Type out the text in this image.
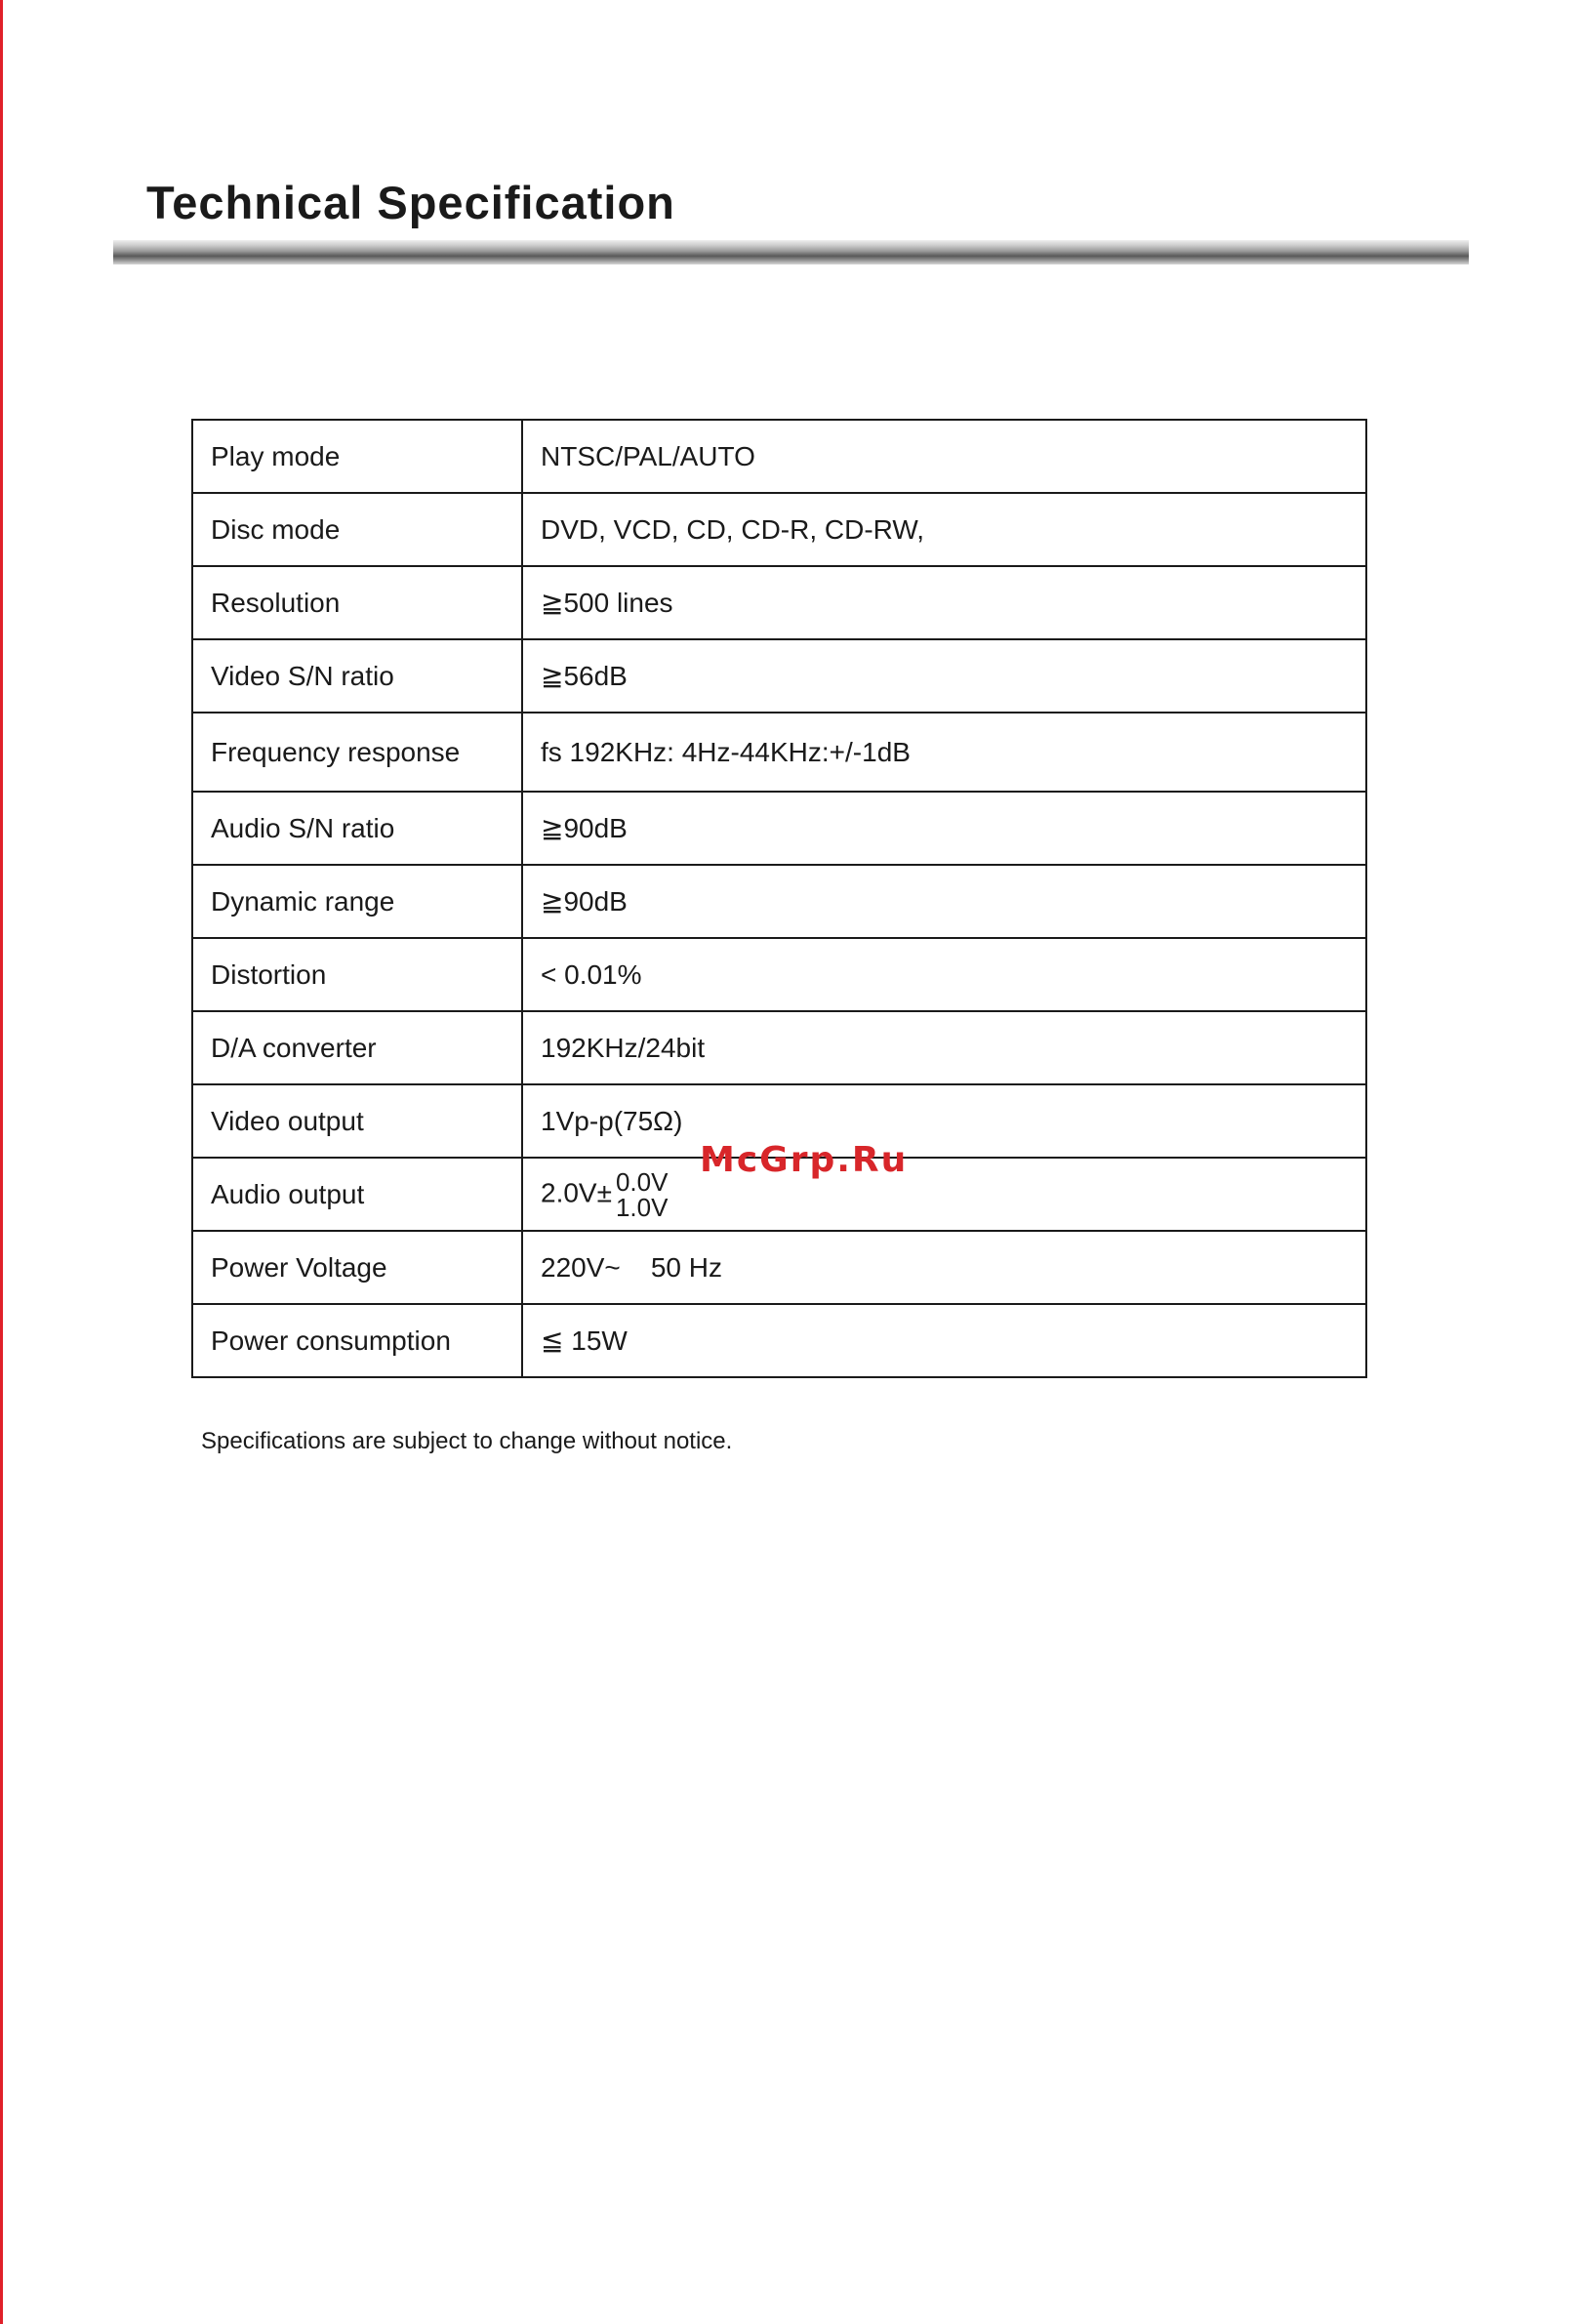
Technical Specification
Play mode	NTSC/PAL/AUTO
Disc mode	DVD, VCD, CD, CD-R, CD-RW,
Resolution	≧500 lines
Video S/N ratio	≧56dB
Frequency response	fs 192KHz: 4Hz-44KHz:+/-1dB
Audio S/N ratio	≧90dB
Dynamic range	≧90dB
Distortion	< 0.01%
D/A converter	192KHz/24bit
Video output	1Vp-p(75Ω)
Audio output	2.0V± 0.0V
1.0V

Power Voltage	220V~    50 Hz
Power consumption	≦ 15W
McGrp.Ru
Specifications are subject to change without notice.
